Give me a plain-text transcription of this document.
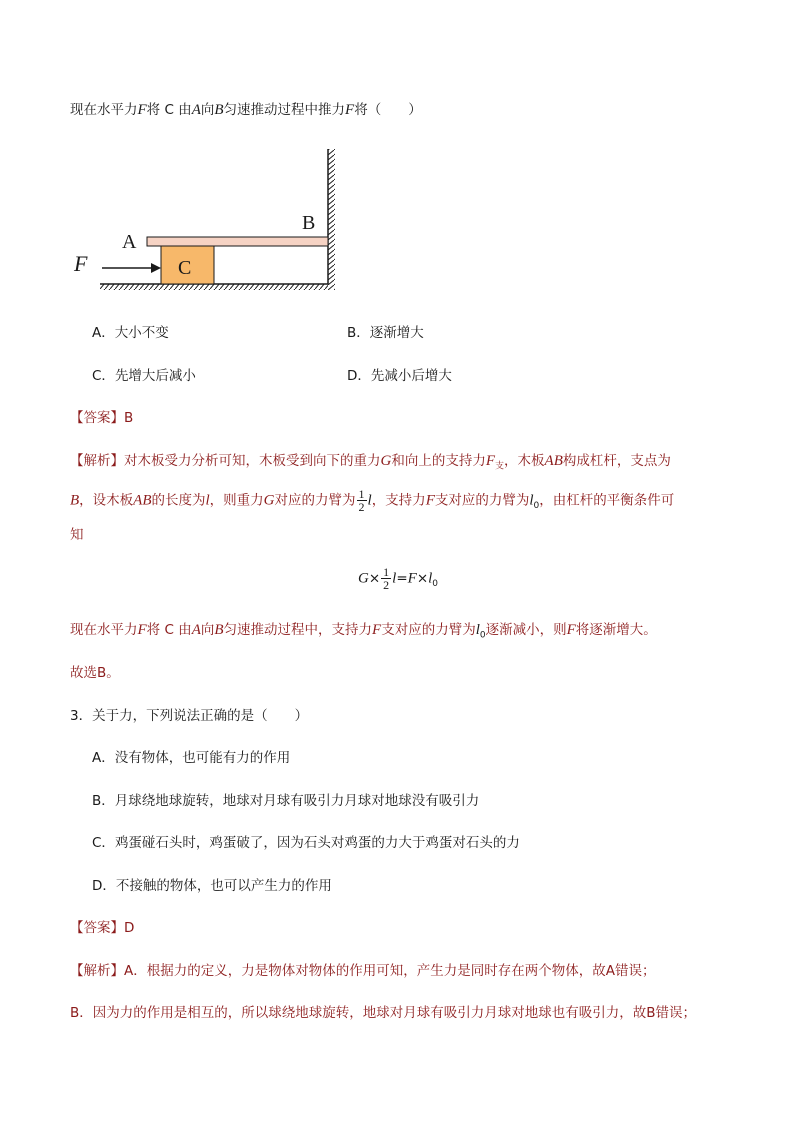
现在水平力F将 C 由A向B匀速推动过程中推力F将（　　）
F
A
B
C
A．大小不变	B．逐渐增大
C．先增大后减小	D．先减小后增大
【答案】B
【解析】对木板受力分析可知，木板受到向下的重力G和向上的支持力$F_支$，木板AB构成杠杆，支点为
B，设木板AB的长度为l，则重力G对应的力臂为 $\frac{1}{2}$ l，支持力F支对应的力臂为$l_0$，由杠杆的平衡条件可
知
$G\times \frac{1}{2} l=F\times l_0$
现在水平力F将 C 由A向B匀速推动过程中，支持力F支对应的力臂为$l_0$逐渐减小，则F将逐渐增大。
故选B。
3．关于力，下列说法正确的是（　　）
A．没有物体，也可能有力的作用
B．月球绕地球旋转，地球对月球有吸引力月球对地球没有吸引力
C．鸡蛋碰石头时，鸡蛋破了，因为石头对鸡蛋的力大于鸡蛋对石头的力
D．不接触的物体，也可以产生力的作用
【答案】D
【解析】A．根据力的定义，力是物体对物体的作用可知，产生力是同时存在两个物体，故A错误；
B．因为力的作用是相互的，所以球绕地球旋转，地球对月球有吸引力月球对地球也有吸引力，故B错误；
